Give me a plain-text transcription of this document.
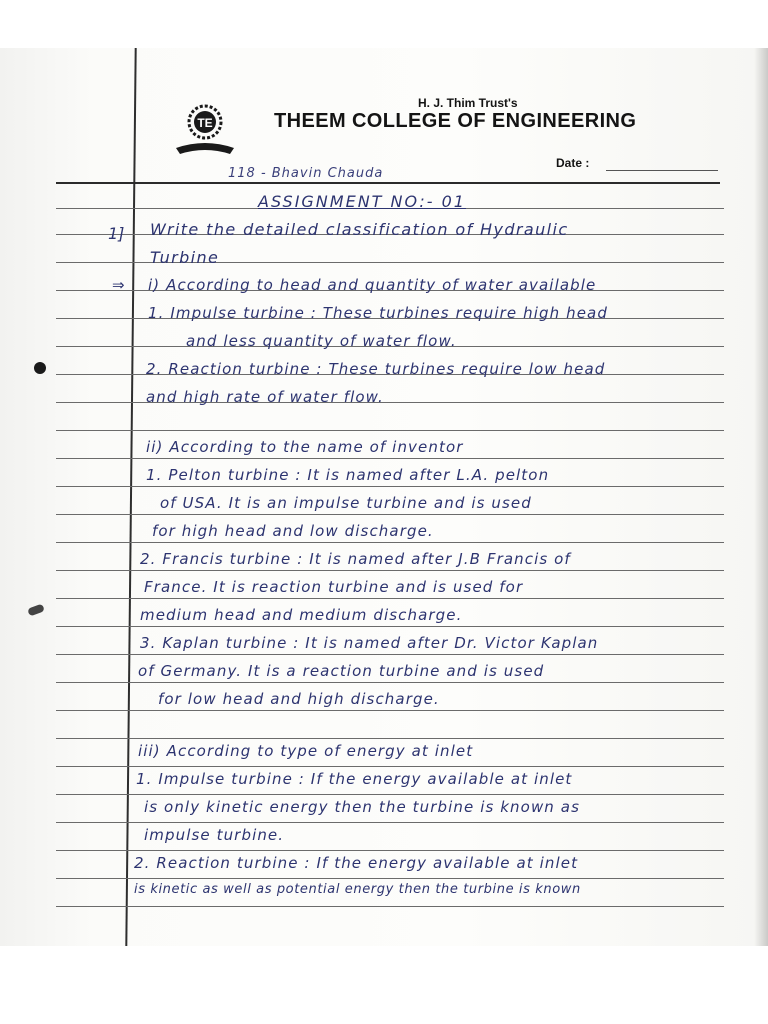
TE
H. J. Thim Trust's
THEEM COLLEGE OF ENGINEERING
Date :
118 - Bhavin Chauda
ASSIGNMENT NO:- 01
1] Write the detailed classification of Hydraulic
Turbine
⇒ i) According to head and quantity of water available
1. Impulse turbine : These turbines require high head
and less quantity of water flow.
2. Reaction turbine : These turbines require low head
and high rate of water flow.
ii) According to the name of inventor
1. Pelton turbine : It is named after L.A. pelton
of USA. It is an impulse turbine and is used
for high head and low discharge.
2. Francis turbine : It is named after J.B Francis of
France. It is reaction turbine and is used for
medium head and medium discharge.
3. Kaplan turbine : It is named after Dr. Victor Kaplan
of Germany. It is a reaction turbine and is used
for low head and high discharge.
iii) According to type of energy at inlet
1. Impulse turbine : If the energy available at inlet
is only kinetic energy then the turbine is known as
impulse turbine.
2. Reaction turbine : If the energy available at inlet
is kinetic as well as potential energy then the turbine is known
